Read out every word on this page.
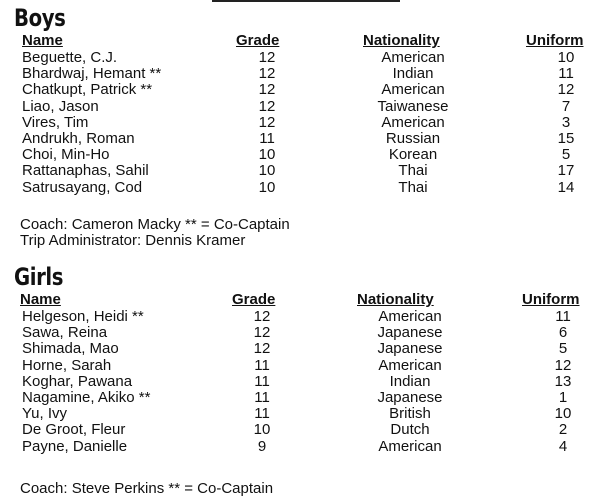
Boys
Name	Grade	Nationality	Uniform
Beguette, C.J.	12	American	10
Bhardwaj, Hemant **	12	Indian	11
Chatkupt, Patrick **	12	American	12
Liao, Jason	12	Taiwanese	7
Vires, Tim	12	American	3
Andrukh, Roman	11	Russian	15
Choi, Min-Ho	10	Korean	5
Rattanaphas, Sahil	10	Thai	17
Satrusayang, Cod	10	Thai	14
Coach: Cameron Macky ** = Co-Captain
Trip Administrator: Dennis Kramer
Girls
Name	Grade	Nationality	Uniform
Helgeson, Heidi **	12	American	11
Sawa, Reina	12	Japanese	6
Shimada, Mao	12	Japanese	5
Horne, Sarah	11	American	12
Koghar, Pawana	11	Indian	13
Nagamine, Akiko **	11	Japanese	1
Yu, Ivy	11	British	10
De Groot, Fleur	10	Dutch	2
Payne, Danielle	9	American	4
Coach: Steve Perkins ** = Co-Captain
